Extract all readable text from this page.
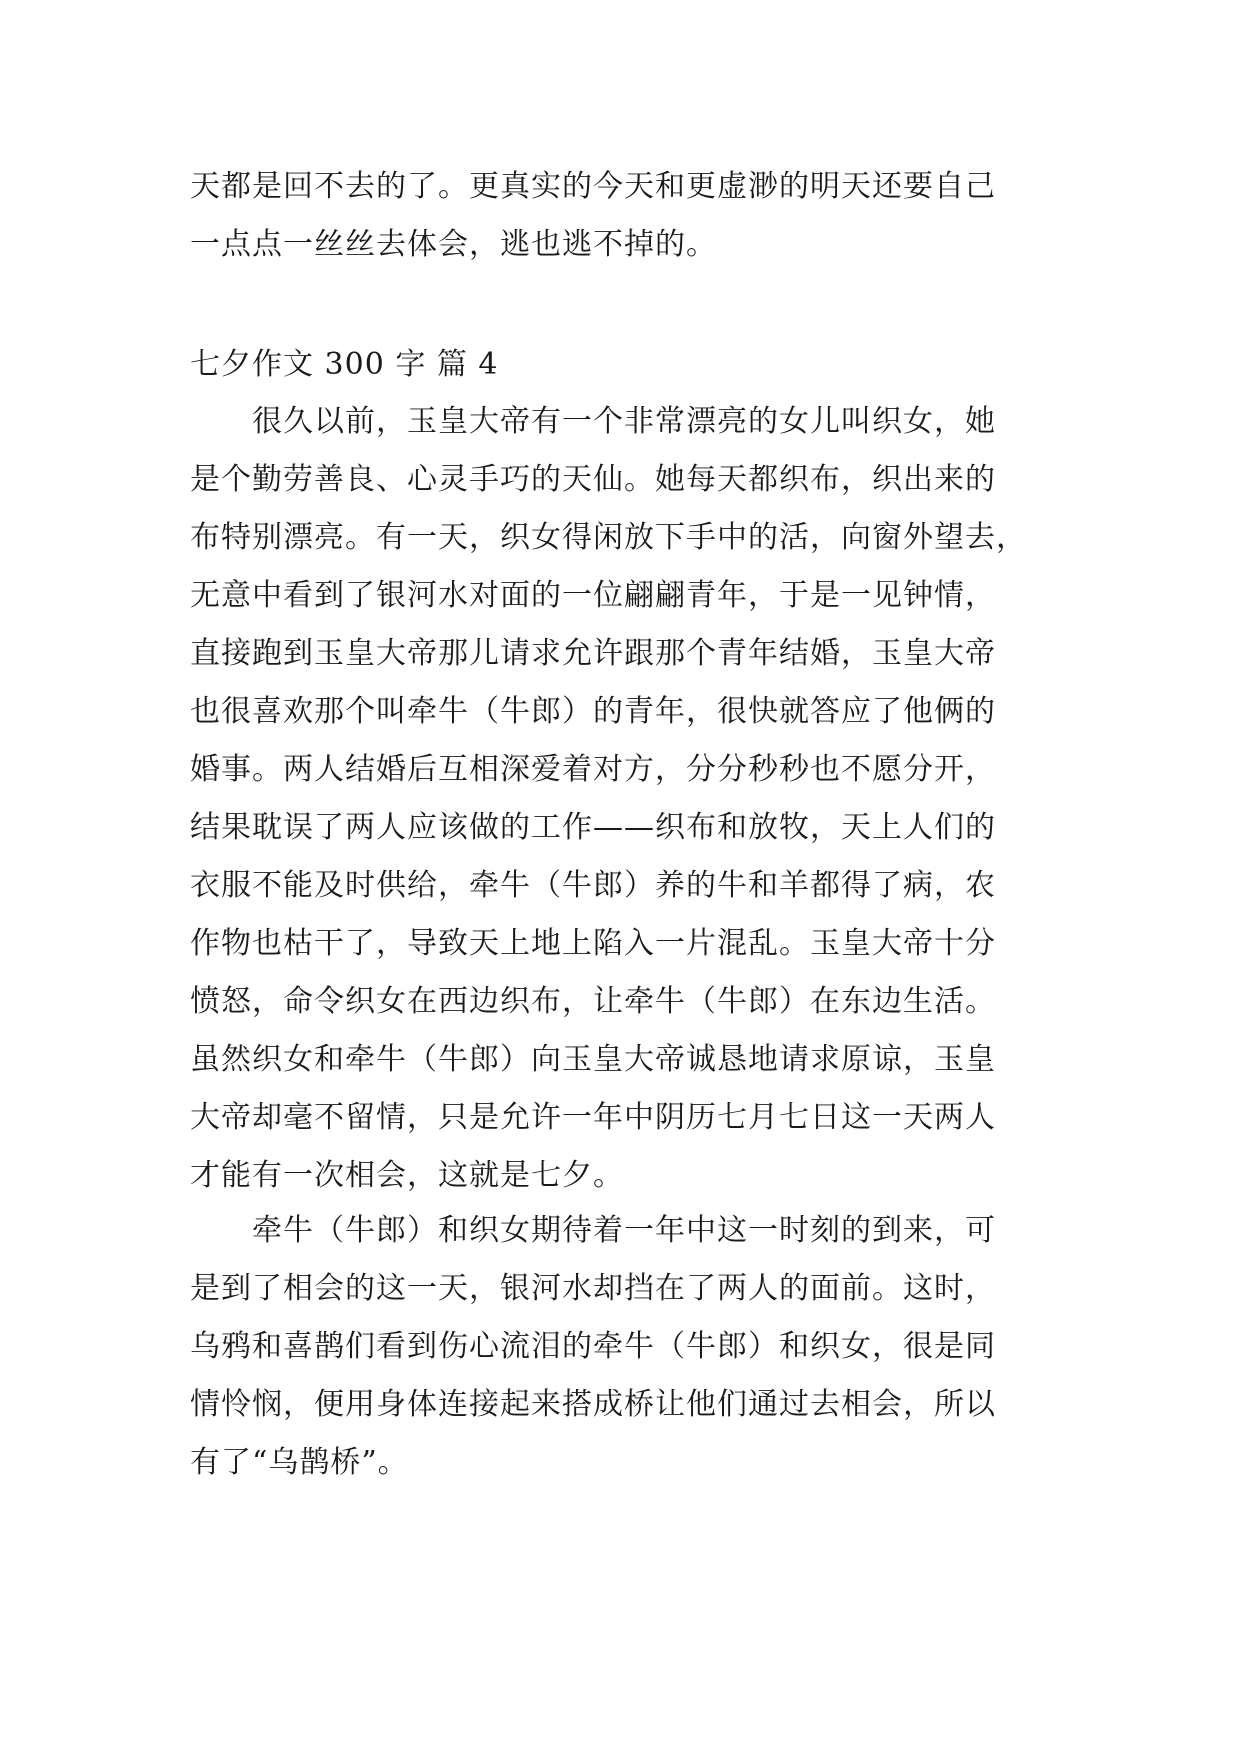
天都是回不去的了。更真实的今天和更虚渺的明天还要自己
一点点一丝丝去体会，逃也逃不掉的。
七夕作文 300 字 篇 4
很久以前，玉皇大帝有一个非常漂亮的女儿叫织女，她
是个勤劳善良、心灵手巧的天仙。她每天都织布，织出来的
布特别漂亮。有一天，织女得闲放下手中的活，向窗外望去，
无意中看到了银河水对面的一位翩翩青年，于是一见钟情，
直接跑到玉皇大帝那儿请求允许跟那个青年结婚，玉皇大帝
也很喜欢那个叫牵牛（牛郎）的青年，很快就答应了他俩的
婚事。两人结婚后互相深爱着对方，分分秒秒也不愿分开，
结果耽误了两人应该做的工作——织布和放牧，天上人们的
衣服不能及时供给，牵牛（牛郎）养的牛和羊都得了病，农
作物也枯干了，导致天上地上陷入一片混乱。玉皇大帝十分
愤怒，命令织女在西边织布，让牵牛（牛郎）在东边生活。
虽然织女和牵牛（牛郎）向玉皇大帝诚恳地请求原谅，玉皇
大帝却毫不留情，只是允许一年中阴历七月七日这一天两人
才能有一次相会，这就是七夕。
牵牛（牛郎）和织女期待着一年中这一时刻的到来，可
是到了相会的这一天，银河水却挡在了两人的面前。这时，
乌鸦和喜鹊们看到伤心流泪的牵牛（牛郎）和织女，很是同
情怜悯，便用身体连接起来搭成桥让他们通过去相会，所以
有了“乌鹊桥”。
